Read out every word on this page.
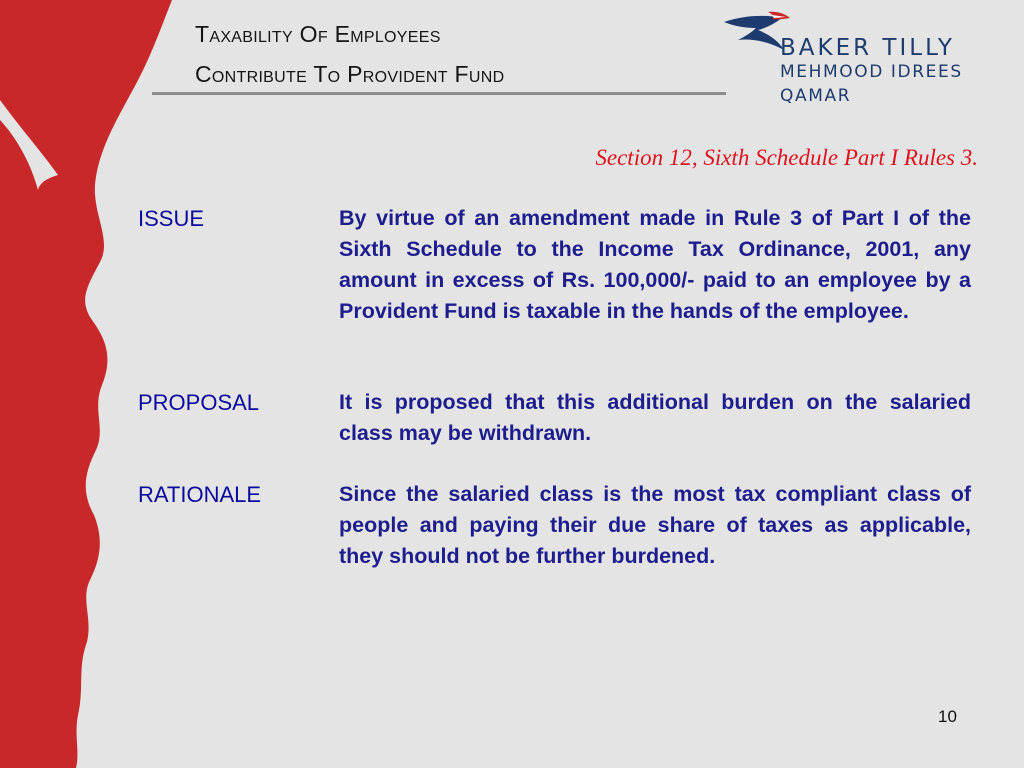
Taxability Of Employees
Contribute To Provident Fund
BAKER TILLY
MEHMOOD IDREES
QAMAR
Section 12, Sixth Schedule Part I Rules 3.
ISSUE	By virtue of an amendment made in Rule 3 of Part I of the Sixth Schedule to the Income Tax Ordinance, 2001, any amount in excess of Rs. 100,000/- paid to an employee by a Provident Fund is taxable in the hands of the employee.
PROPOSAL	It is proposed that this additional burden on the salaried class may be withdrawn.
RATIONALE	Since the salaried class is the most tax compliant class of people and paying their due share of taxes as applicable, they should not be further burdened.
10
